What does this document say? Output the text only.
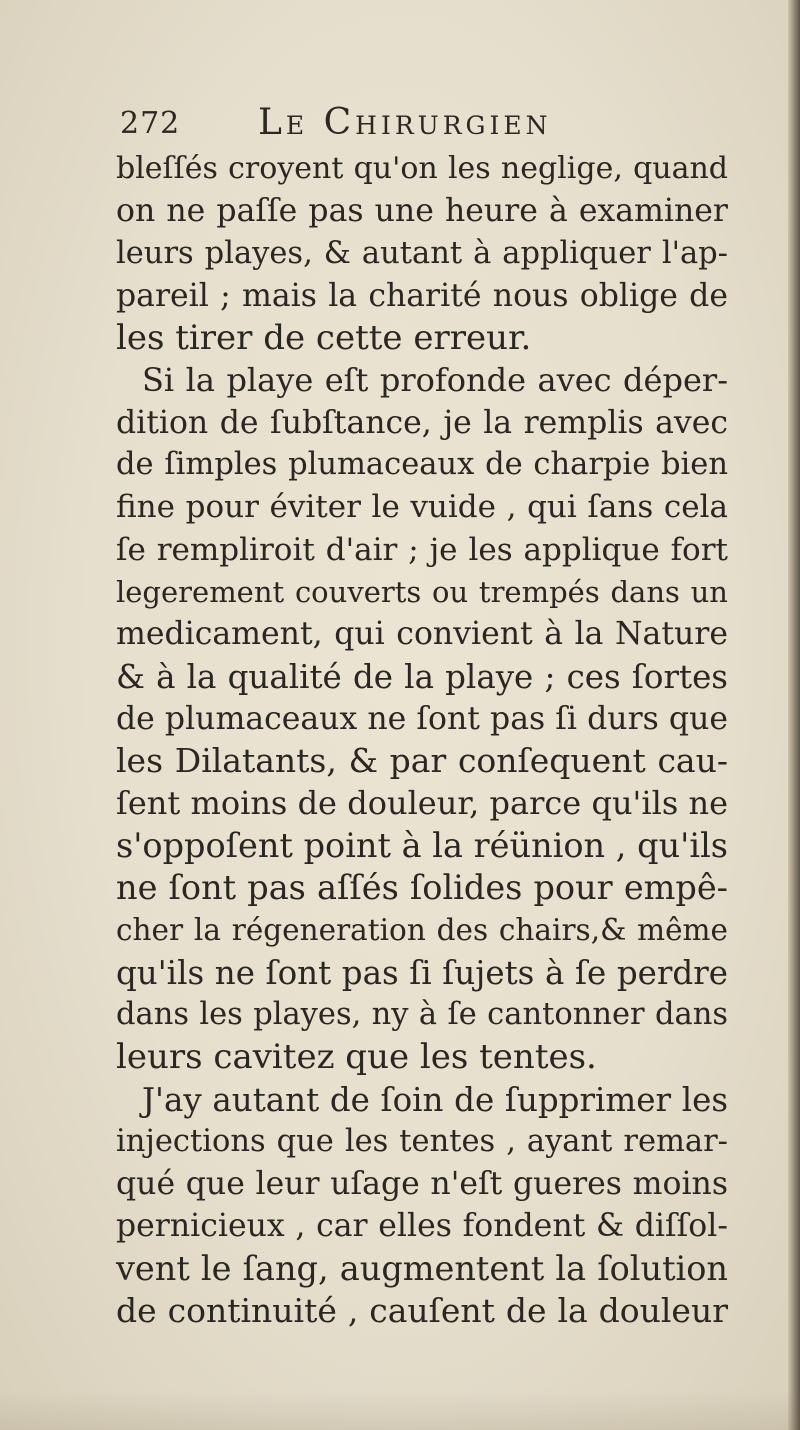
272 Le Chirurgien
bleſſés croyent qu'on les neglige, quand
on ne paſſe pas une heure à examiner
leurs playes, & autant à appliquer l'ap-
pareil ; mais la charité nous oblige de
les tirer de cette erreur.
Si la playe eſt profonde avec déper-
dition de ſubſtance, je la remplis avec
de ſimples plumaceaux de charpie bien
fine pour éviter le vuide , qui ſans cela
ſe rempliroit d'air ; je les applique fort
legerement couverts ou trempés dans un
medicament, qui convient à la Nature
& à la qualité de la playe ; ces ſortes
de plumaceaux ne ſont pas ſi durs que
les Dilatants, & par conſequent cau-
ſent moins de douleur, parce qu'ils ne
s'oppoſent point à la réünion , qu'ils
ne ſont pas aſſés ſolides pour empê-
cher la régeneration des chairs,& même
qu'ils ne ſont pas ſi ſujets à ſe perdre
dans les playes, ny à ſe cantonner dans
leurs cavitez que les tentes.
J'ay autant de ſoin de ſupprimer les
injections que les tentes , ayant remar-
qué que leur uſage n'eſt gueres moins
pernicieux , car elles fondent & diſſol-
vent le ſang, augmentent la ſolution
de continuité , cauſent de la douleur
